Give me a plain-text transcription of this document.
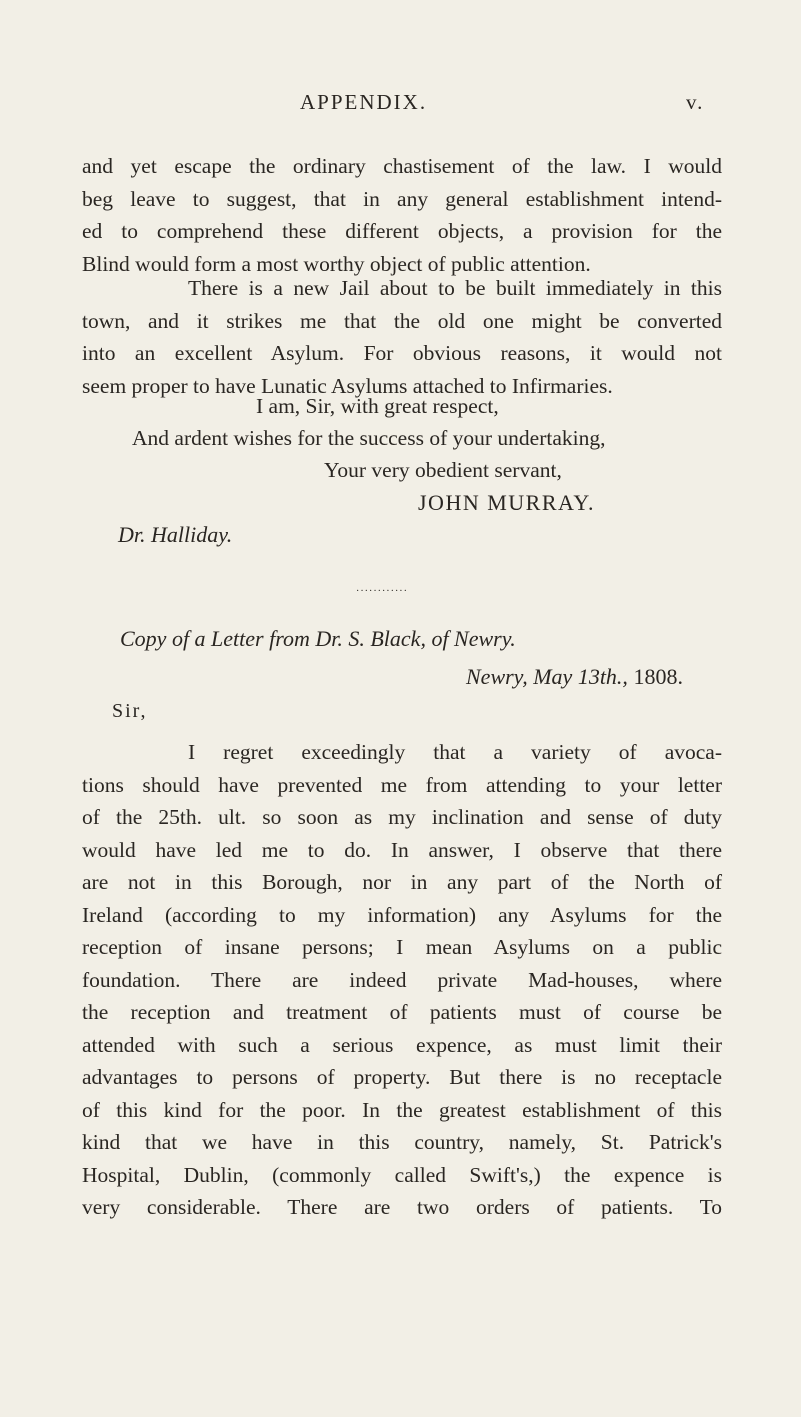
APPENDIX.	v.
and yet escape the ordinary chastisement of the law. I would
beg leave to suggest, that in any general establishment intend-
ed to comprehend these different objects, a provision for the
Blind would form a most worthy object of public attention.
There is a new Jail about to be built immediately in this
town, and it strikes me that the old one might be converted
into an excellent Asylum. For obvious reasons, it would not
seem proper to have Lunatic Asylums attached to Infirmaries.
I am, Sir, with great respect,
And ardent wishes for the success of your undertaking,
Your very obedient servant,
JOHN MURRAY.
Dr. Halliday.
············
Copy of a Letter from Dr. S. Black, of Newry.
Newry, May 13th., 1808.
Sir,
I regret exceedingly that a variety of avoca-
tions should have prevented me from attending to your letter
of the 25th. ult. so soon as my inclination and sense of duty
would have led me to do. In answer, I observe that there
are not in this Borough, nor in any part of the North of
Ireland (according to my information) any Asylums for the
reception of insane persons; I mean Asylums on a public
foundation. There are indeed private Mad-houses, where
the reception and treatment of patients must of course be
attended with such a serious expence, as must limit their
advantages to persons of property. But there is no receptacle
of this kind for the poor. In the greatest establishment of this
kind that we have in this country, namely, St. Patrick's
Hospital, Dublin, (commonly called Swift's,) the expence is
very considerable. There are two orders of patients. To
